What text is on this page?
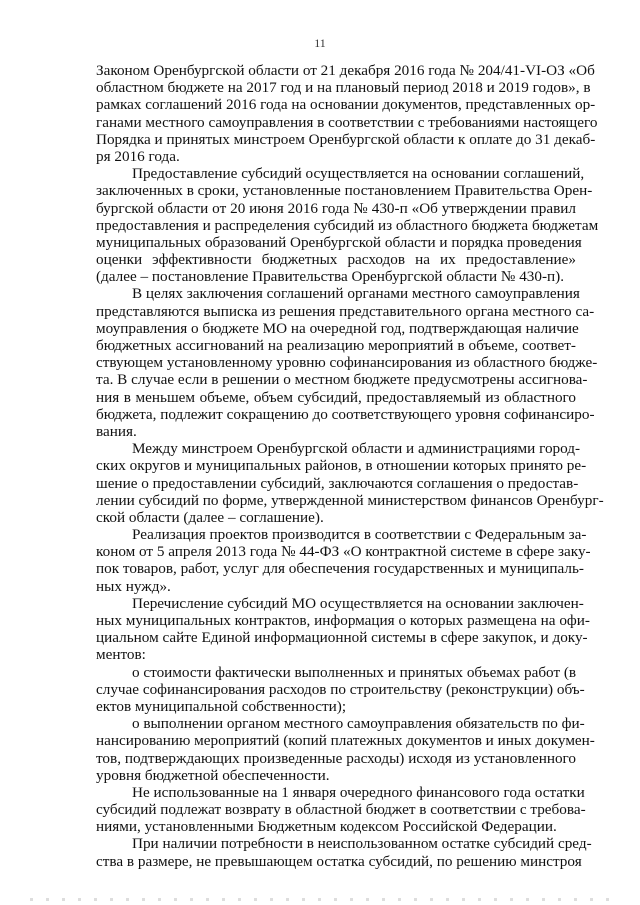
11
Законом Оренбургской области от 21 декабря 2016 года № 204/41-VI-ОЗ «Об
областном бюджете на 2017 год и на плановый период 2018 и 2019 годов», в
рамках соглашений 2016 года на основании документов, представленных ор-
ганами местного самоуправления в соответствии с требованиями настоящего
Порядка и принятых минстроем Оренбургской области к оплате до 31 декаб-
ря 2016 года.
Предоставление субсидий осуществляется на основании соглашений,
заключенных в сроки, установленные постановлением Правительства Орен-
бургской области от 20 июня 2016 года № 430-п «Об утверждении правил
предоставления и распределения субсидий из областного бюджета бюджетам
муниципальных образований Оренбургской области и порядка проведения
оценки эффективности бюджетных расходов на их предоставление»
(далее – постановление Правительства Оренбургской области № 430-п).
В целях заключения соглашений органами местного самоуправления
представляются выписка из решения представительного органа местного са-
моуправления о бюджете МО на очередной год, подтверждающая наличие
бюджетных ассигнований на реализацию мероприятий в объеме, соответ-
ствующем установленному уровню софинансирования из областного бюдже-
та. В случае если в решении о местном бюджете предусмотрены ассигнова-
ния в меньшем объеме, объем субсидий, предоставляемый из областного
бюджета, подлежит сокращению до соответствующего уровня софинансиро-
вания.
Между минстроем Оренбургской области и администрациями город-
ских округов и муниципальных районов, в отношении которых принято ре-
шение о предоставлении субсидий, заключаются соглашения о предостав-
лении субсидий по форме, утвержденной министерством финансов Оренбург-
ской области (далее – соглашение).
Реализация проектов производится в соответствии с Федеральным за-
коном от 5 апреля 2013 года № 44-ФЗ «О контрактной системе в сфере заку-
пок товаров, работ, услуг для обеспечения государственных и муниципаль-
ных нужд».
Перечисление субсидий МО осуществляется на основании заключен-
ных муниципальных контрактов, информация о которых размещена на офи-
циальном сайте Единой информационной системы в сфере закупок, и доку-
ментов:
о стоимости фактически выполненных и принятых объемах работ (в
случае софинансирования расходов по строительству (реконструкции) объ-
ектов муниципальной собственности);
о выполнении органом местного самоуправления обязательств по фи-
нансированию мероприятий (копий платежных документов и иных докумен-
тов, подтверждающих произведенные расходы) исходя из установленного
уровня бюджетной обеспеченности.
Не использованные на 1 января очередного финансового года остатки
субсидий подлежат возврату в областной бюджет в соответствии с требова-
ниями, установленными Бюджетным кодексом Российской Федерации.
При наличии потребности в неиспользованном остатке субсидий сред-
ства в размере, не превышающем остатка субсидий, по решению минстроя
